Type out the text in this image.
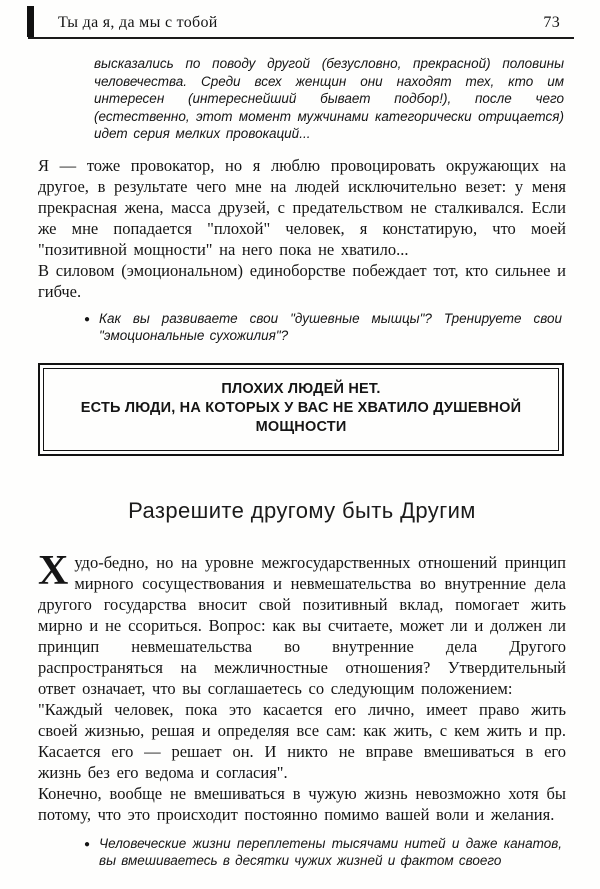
Ты да я, да мы с тобой	73

высказались по поводу другой (безусловно, прекрасной) половины человечества. Среди всех женщин они находят тех, кто им интересен (интереснейший бывает подбор!), после чего (естественно, этот момент мужчинами категорически отрицается) идет серия мелких провокаций...

Я — тоже провокатор, но я люблю провоцировать окружающих на другое, в результате чего мне на людей исключительно везет: у меня прекрасная жена, масса друзей, с предательством не сталкивался. Если же мне попадается "плохой" человек, я констатирую, что моей "позитивной мощности" на него пока не хватило...

В силовом (эмоциональном) единоборстве побеждает тот, кто сильнее и гибче.

● Как вы развиваете свои "душевные мышцы"? Тренируете свои "эмоциональные сухожилия"?
ПЛОХИХ ЛЮДЕЙ НЕТ.
ЕСТЬ ЛЮДИ, НА КОТОРЫХ У ВАС НЕ ХВАТИЛО ДУШЕВНОЙ МОЩНОСТИ
Разрешите другому быть Другим

Худо-бедно, но на уровне межгосударственных отношений принцип мирного сосуществования и невмешательства во внутренние дела другого государства вносит свой позитивный вклад, помогает жить мирно и не ссориться. Вопрос: как вы считаете, может ли и должен ли принцип невмешательства во внутренние дела Другого распространяться на межличностные отношения? Утвердительный ответ означает, что вы соглашаетесь со следующим положением:

"Каждый человек, пока это касается его лично, имеет право жить своей жизнью, решая и определяя все сам: как жить, с кем жить и пр. Касается его — решает он. И никто не вправе вмешиваться в его жизнь без его ведома и согласия".

Конечно, вообще не вмешиваться в чужую жизнь невозможно хотя бы потому, что это происходит постоянно помимо вашей воли и желания.

● Человеческие жизни переплетены тысячами нитей и даже канатов, вы вмешиваетесь в десятки чужих жизней и фактом своего
